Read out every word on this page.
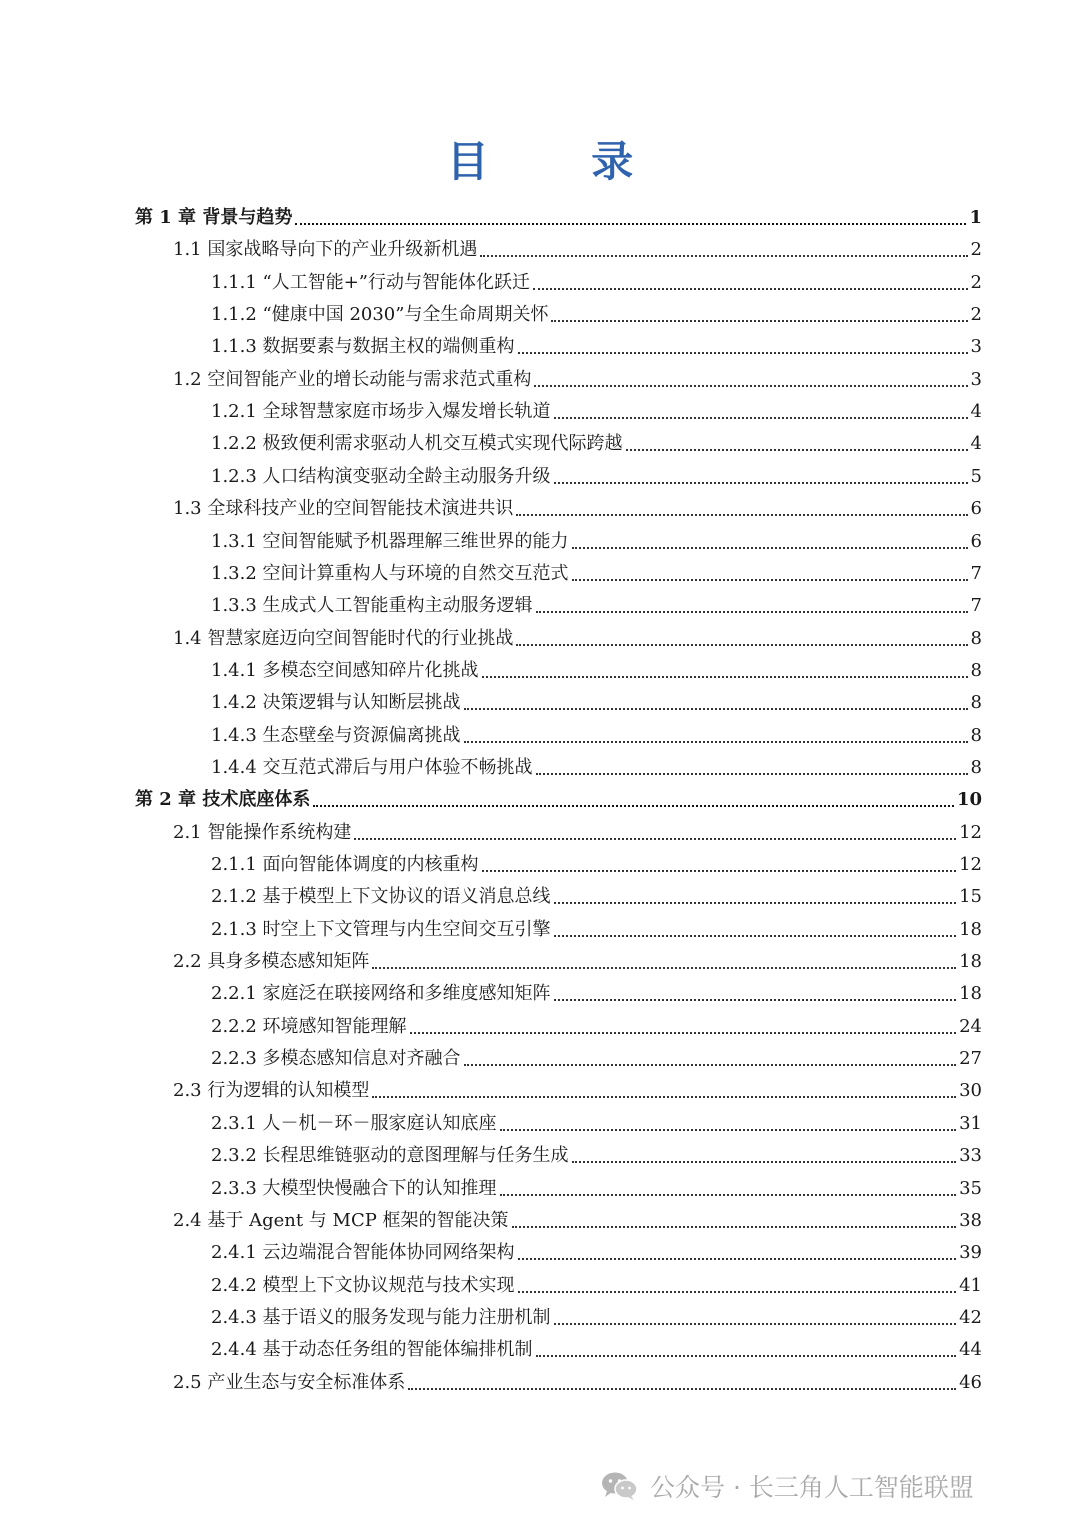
目 录
第 1 章 背景与趋势	1
1.1 国家战略导向下的产业升级新机遇	2
1.1.1 “人工智能+”行动与智能体化跃迁	2
1.1.2 “健康中国 2030”与全生命周期关怀	2
1.1.3 数据要素与数据主权的端侧重构	3
1.2 空间智能产业的增长动能与需求范式重构	3
1.2.1 全球智慧家庭市场步入爆发增长轨道	4
1.2.2 极致便利需求驱动人机交互模式实现代际跨越	4
1.2.3 人口结构演变驱动全龄主动服务升级	5
1.3 全球科技产业的空间智能技术演进共识	6
1.3.1 空间智能赋予机器理解三维世界的能力	6
1.3.2 空间计算重构人与环境的自然交互范式	7
1.3.3 生成式人工智能重构主动服务逻辑	7
1.4 智慧家庭迈向空间智能时代的行业挑战	8
1.4.1 多模态空间感知碎片化挑战	8
1.4.2 决策逻辑与认知断层挑战	8
1.4.3 生态壁垒与资源偏离挑战	8
1.4.4 交互范式滞后与用户体验不畅挑战	8
第 2 章 技术底座体系	10
2.1 智能操作系统构建	12
2.1.1 面向智能体调度的内核重构	12
2.1.2 基于模型上下文协议的语义消息总线	15
2.1.3 时空上下文管理与内生空间交互引擎	18
2.2 具身多模态感知矩阵	18
2.2.1 家庭泛在联接网络和多维度感知矩阵	18
2.2.2 环境感知智能理解	24
2.2.3 多模态感知信息对齐融合	27
2.3 行为逻辑的认知模型	30
2.3.1 人－机－环－服家庭认知底座	31
2.3.2 长程思维链驱动的意图理解与任务生成	33
2.3.3 大模型快慢融合下的认知推理	35
2.4 基于 Agent 与 MCP 框架的智能决策	38
2.4.1 云边端混合智能体协同网络架构	39
2.4.2 模型上下文协议规范与技术实现	41
2.4.3 基于语义的服务发现与能力注册机制	42
2.4.4 基于动态任务组的智能体编排机制	44
2.5 产业生态与安全标准体系	46
公众号 · 长三角人工智能联盟
